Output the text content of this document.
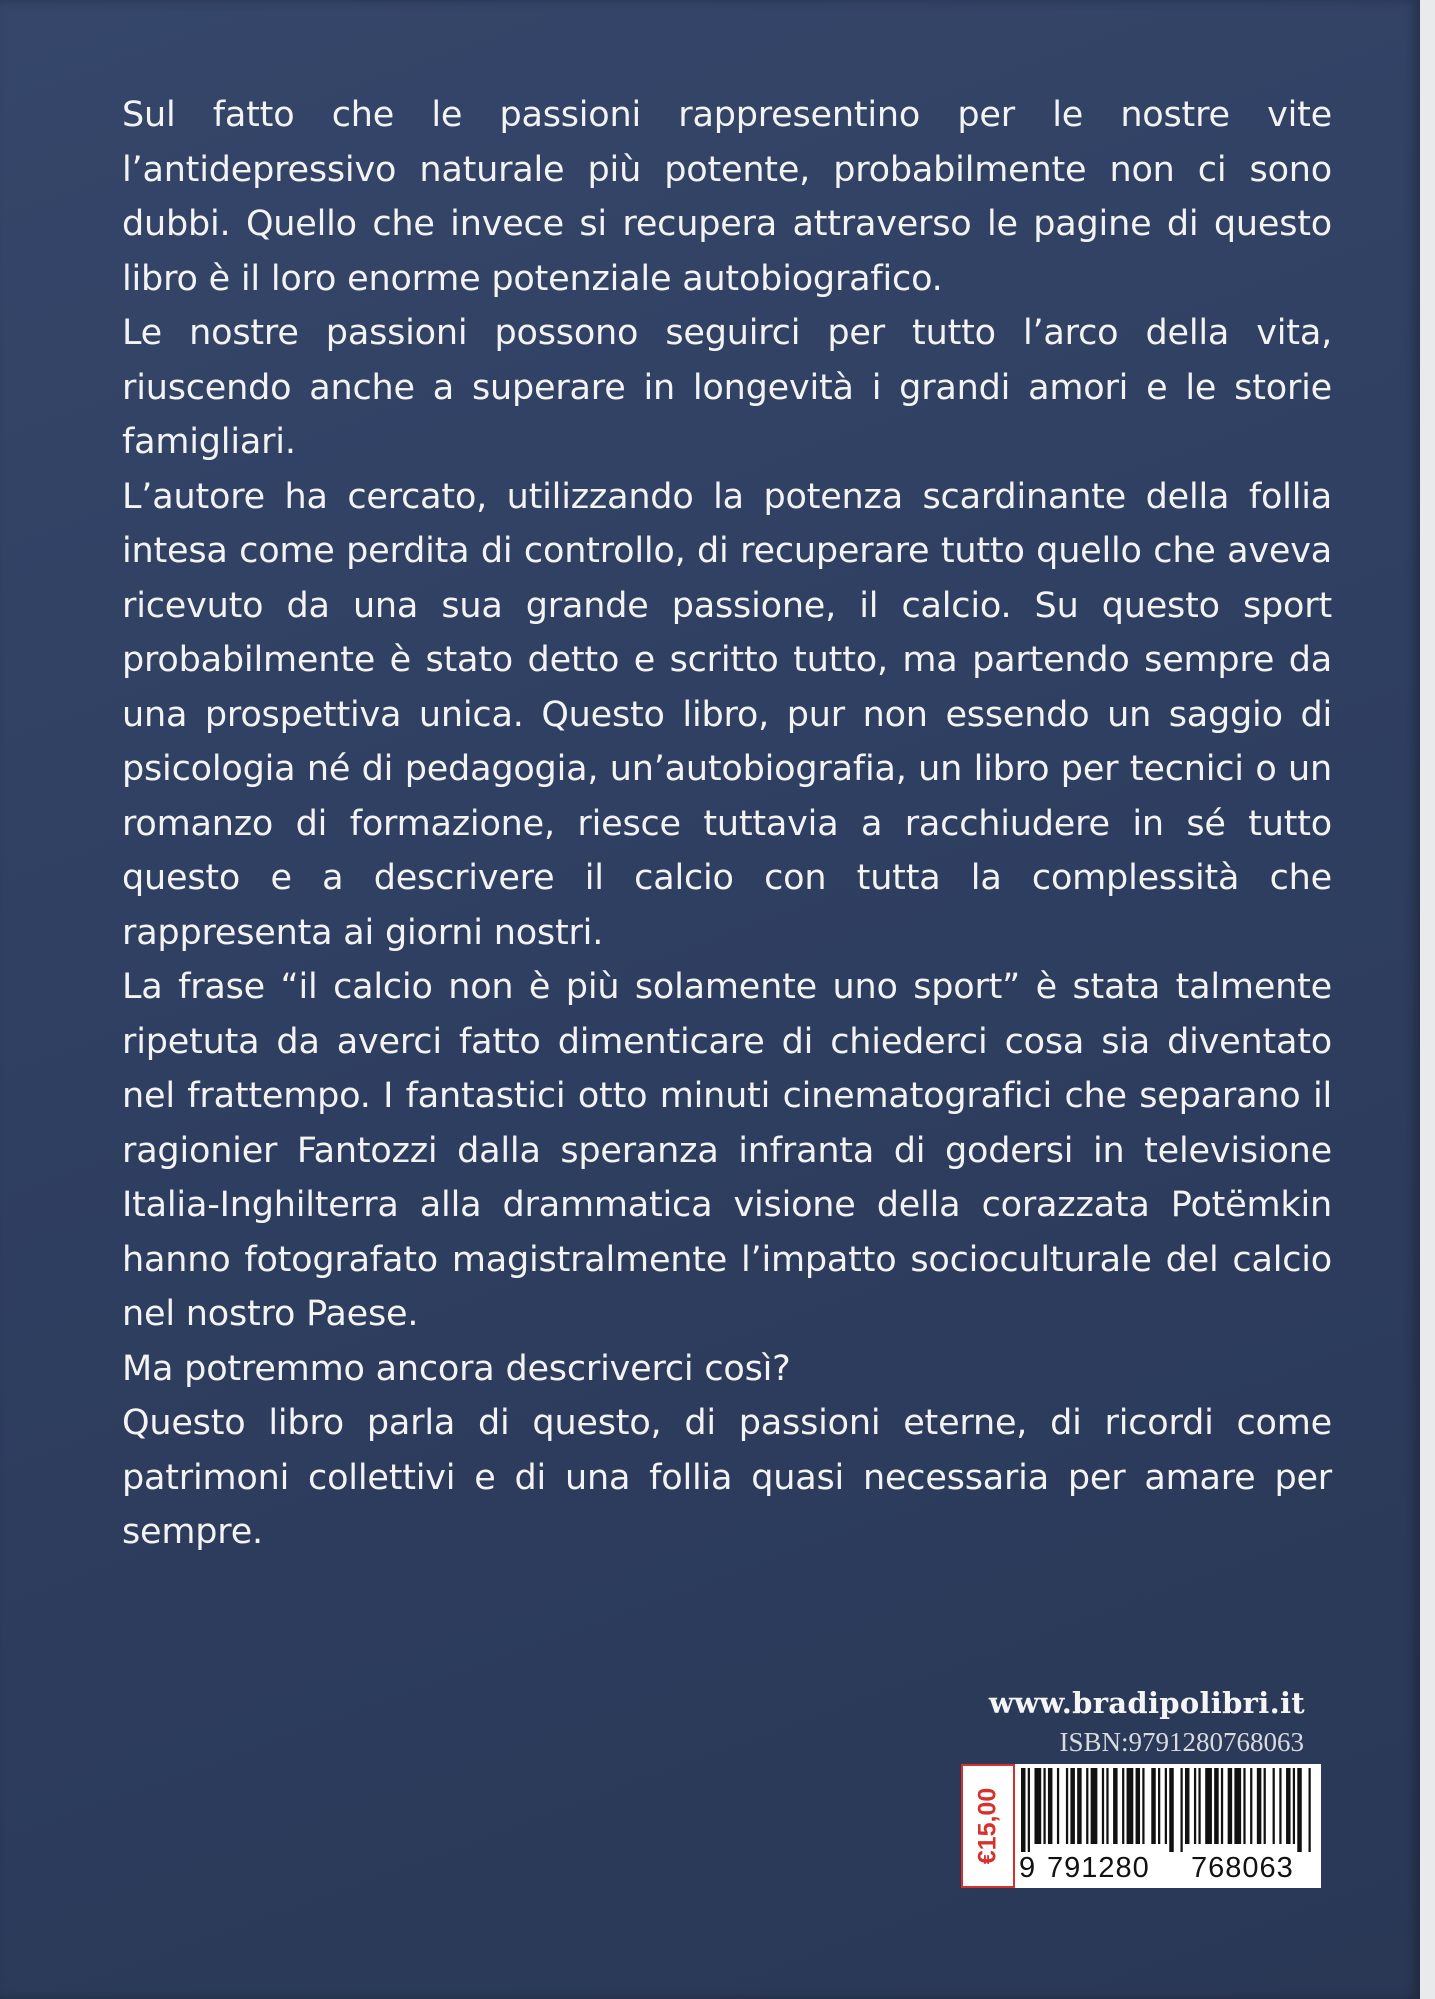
Sul fatto che le passioni rappresentino per le nostre vite l’antidepressivo naturale più potente, probabilmente non ci sono dubbi. Quello che invece si recupera attraverso le pagine di questo libro è il loro enorme potenziale autobiografico.

Le nostre passioni possono seguirci per tutto l’arco della vita, riuscendo anche a superare in longevità i grandi amori e le storie famigliari.

L’autore ha cercato, utilizzando la potenza scardinante della follia intesa come perdita di controllo, di recuperare tutto quello che aveva ricevuto da una sua grande passione, il calcio. Su questo sport probabilmente è stato detto e scritto tutto, ma partendo sempre da una prospettiva unica. Questo libro, pur non essendo un saggio di psicologia né di pedagogia, un’autobiografia, un libro per tecnici o un romanzo di formazione, riesce tuttavia a racchiudere in sé tutto questo e a descrivere il calcio con tutta la complessità che rappresenta ai giorni nostri.

La frase “il calcio non è più solamente uno sport” è stata talmente ripetuta da averci fatto dimenticare di chiederci cosa sia diventato nel frattempo. I fantastici otto minuti cinematografici che separano il ragionier Fantozzi dalla speranza infranta di godersi in televisione Italia-Inghilterra alla drammatica visione della corazzata Potëmkin hanno fotografato magistralmente l’impatto socioculturale del calcio nel nostro Paese.

Ma potremmo ancora descriverci così?

Questo libro parla di questo, di passioni eterne, di ricordi come patrimoni collettivi e di una follia quasi necessaria per amare per sempre.

www.bradipolibri.it
ISBN:9791280768063
€15,00
9 791280 768063
